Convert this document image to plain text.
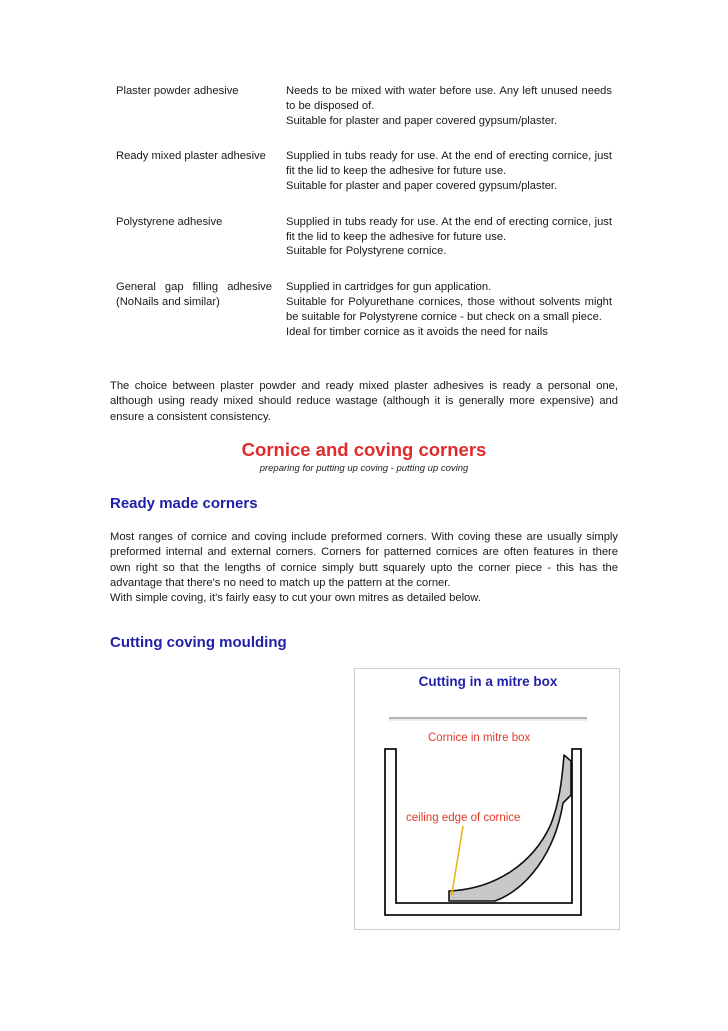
Plaster powder adhesive	Needs to be mixed with water before use. Any left unused needs to be disposed of.
Suitable for plaster and paper covered gypsum/plaster.

Ready mixed plaster adhesive	Supplied in tubs ready for use. At the end of erecting cornice, just fit the lid to keep the adhesive for future use.
Suitable for plaster and paper covered gypsum/plaster.

Polystyrene adhesive	Supplied in tubs ready for use. At the end of erecting cornice, just fit the lid to keep the adhesive for future use.
Suitable for Polystyrene cornice.

General gap filling adhesive (NoNails and similar)	Supplied in cartridges for gun application.
Suitable for Polyurethane cornices, those without solvents might be suitable for Polystyrene cornice - but check on a small piece.
Ideal for timber cornice as it avoids the need for nails

The choice between plaster powder and ready mixed plaster adhesives is ready a personal one, although using ready mixed should reduce wastage (although it is generally more expensive) and ensure a consistent consistency.

Cornice and coving corners

preparing for putting up coving - putting up coving

Ready made corners

Most ranges of cornice and coving include preformed corners. With coving these are usually simply preformed internal and external corners. Corners for patterned cornices are often features in there own right so that the lengths of cornice simply butt squarely upto the corner piece - this has the advantage that there's no need to match up the pattern at the corner.

With simple coving, it's fairly easy to cut your own mitres as detailed below.

Cutting coving moulding

Cutting in a mitre box

Cornice in mitre box
ceiling edge of cornice
